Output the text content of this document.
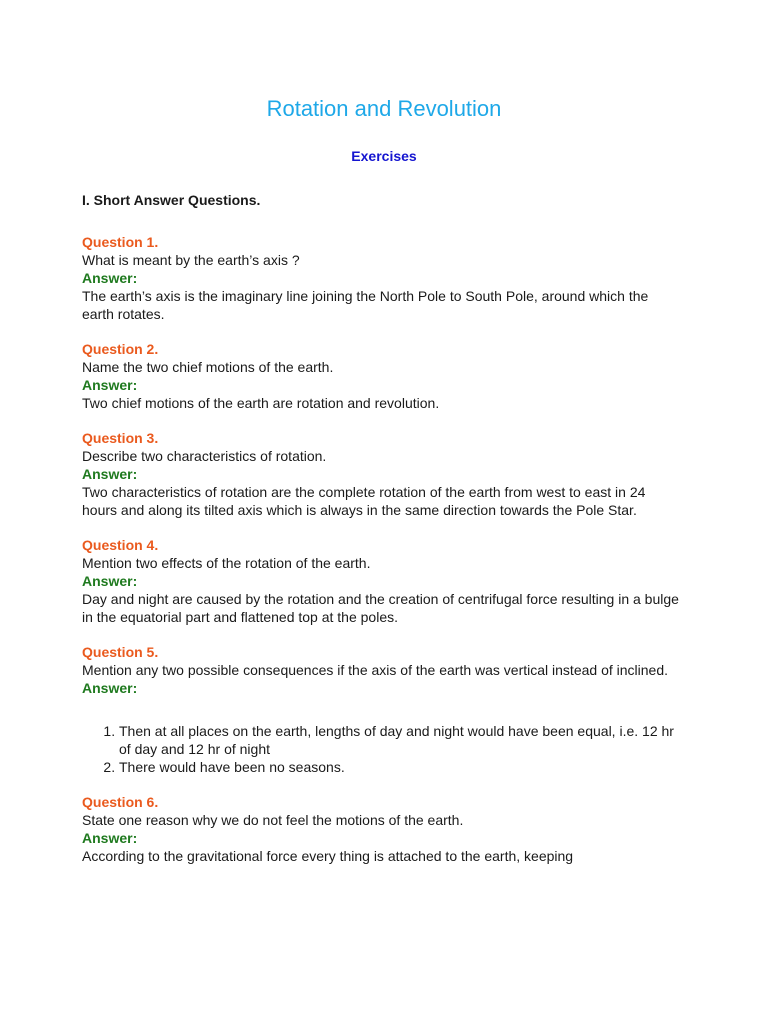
Rotation and Revolution
Exercises
I. Short Answer Questions.
Question 1.
What is meant by the earth’s axis ?
Answer:
The earth’s axis is the imaginary line joining the North Pole to South Pole, around which the earth rotates.
Question 2.
Name the two chief motions of the earth.
Answer:
Two chief motions of the earth are rotation and revolution.
Question 3.
Describe two characteristics of rotation.
Answer:
Two characteristics of rotation are the complete rotation of the earth from west to east in 24 hours and along its tilted axis which is always in the same direction towards the Pole Star.
Question 4.
Mention two effects of the rotation of the earth.
Answer:
Day and night are caused by the rotation and the creation of centrifugal force resulting in a bulge in the equatorial part and flattened top at the poles.
Question 5.
Mention any two possible consequences if the axis of the earth was vertical instead of inclined.
Answer:
1. Then at all places on the earth, lengths of day and night would have been equal, i.e. 12 hr of day and 12 hr of night
2. There would have been no seasons.
Question 6.
State one reason why we do not feel the motions of the earth.
Answer:
According to the gravitational force every thing is attached to the earth, keeping
